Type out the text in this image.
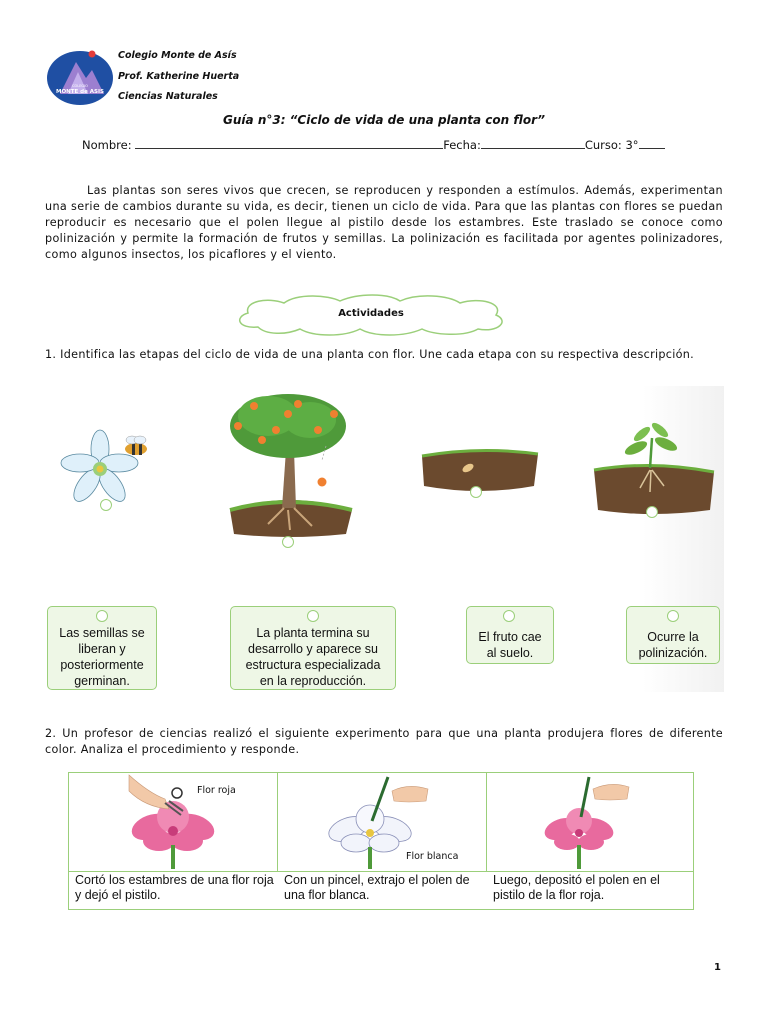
COLEGIO
MONTE de ASIS
Colegio Monte de Asís
Prof. Katherine Huerta
Ciencias Naturales
Guía n°3: “Ciclo de vida de una planta con flor”
Nombre:	Fecha:	Curso: 3°
Las plantas son seres vivos que crecen, se reproducen y responden a estímulos. Además, experimentan una serie de cambios durante su vida, es decir, tienen un ciclo de vida. Para que las plantas con flores se puedan reproducir es necesario que el polen llegue al pistilo desde los estambres. Este traslado se conoce como polinización y permite la formación de frutos y semillas. La polinización es facilitada por agentes polinizadores, como algunos insectos, los picaflores y el viento.
Actividades
1. Identifica las etapas del ciclo de vida de una planta con flor. Une cada etapa con su respectiva descripción.
Las semillas se liberan y posteriormente germinan.
La planta termina su desarrollo y aparece su estructura especializada en la reproducción.
El fruto cae al suelo.
Ocurre la polinización.
2. Un profesor de ciencias realizó el siguiente experimento para que una planta produjera flores de diferente color. Analiza el procedimiento y responde.
Flor roja
Flor blanca
Cortó los estambres de una flor roja y dejó el pistilo.
Con un pincel, extrajo el polen de una flor blanca.
Luego, depositó el polen en el pistilo de la flor roja.
1
